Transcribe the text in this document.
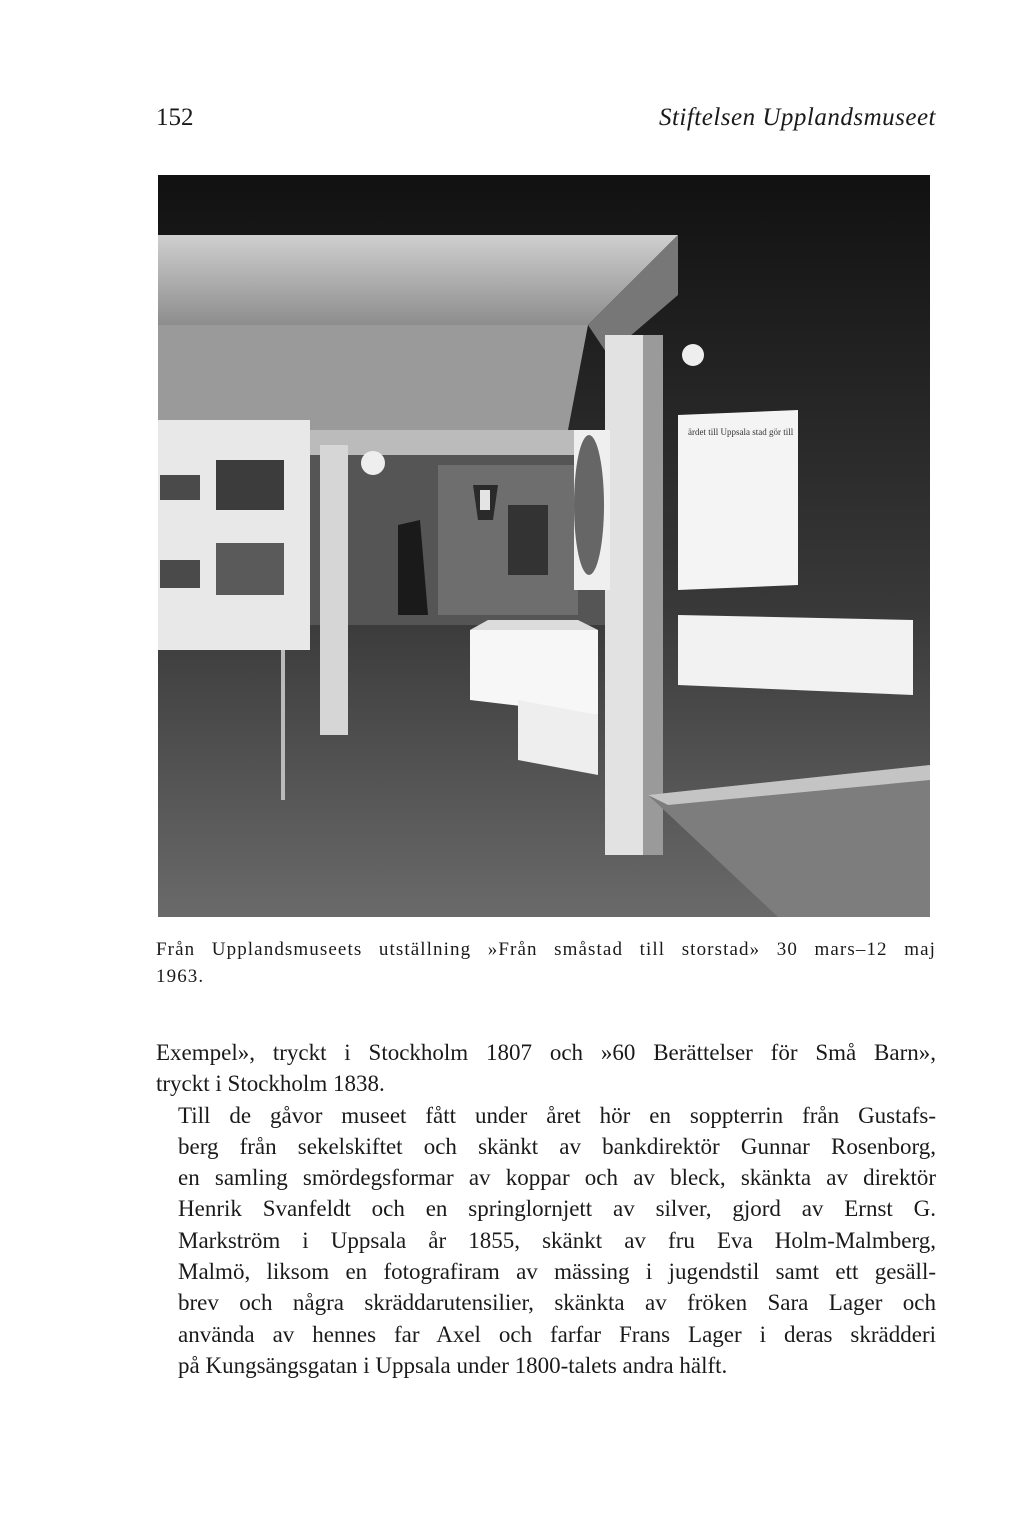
152	Stiftelsen Upplandsmuseet
ärdet till Uppsala stad gör till
Från Upplandsmuseets utställning »Från småstad till storstad» 30 mars–12 maj
1963.

Exempel», tryckt i Stockholm 1807 och »60 Berättelser för Små Barn»,
tryckt i Stockholm 1838.

Till de gåvor museet fått under året hör en soppterrin från Gustafs-
berg från sekelskiftet och skänkt av bankdirektör Gunnar Rosenborg,
en samling smördegsformar av koppar och av bleck, skänkta av direktör
Henrik Svanfeldt och en springlornjett av silver, gjord av Ernst G.
Markström i Uppsala år 1855, skänkt av fru Eva Holm-Malmberg,
Malmö, liksom en fotografiram av mässing i jugendstil samt ett gesäll-
brev och några skräddarutensilier, skänkta av fröken Sara Lager och
använda av hennes far Axel och farfar Frans Lager i deras skrädderi
på Kungsängsgatan i Uppsala under 1800-talets andra hälft.
